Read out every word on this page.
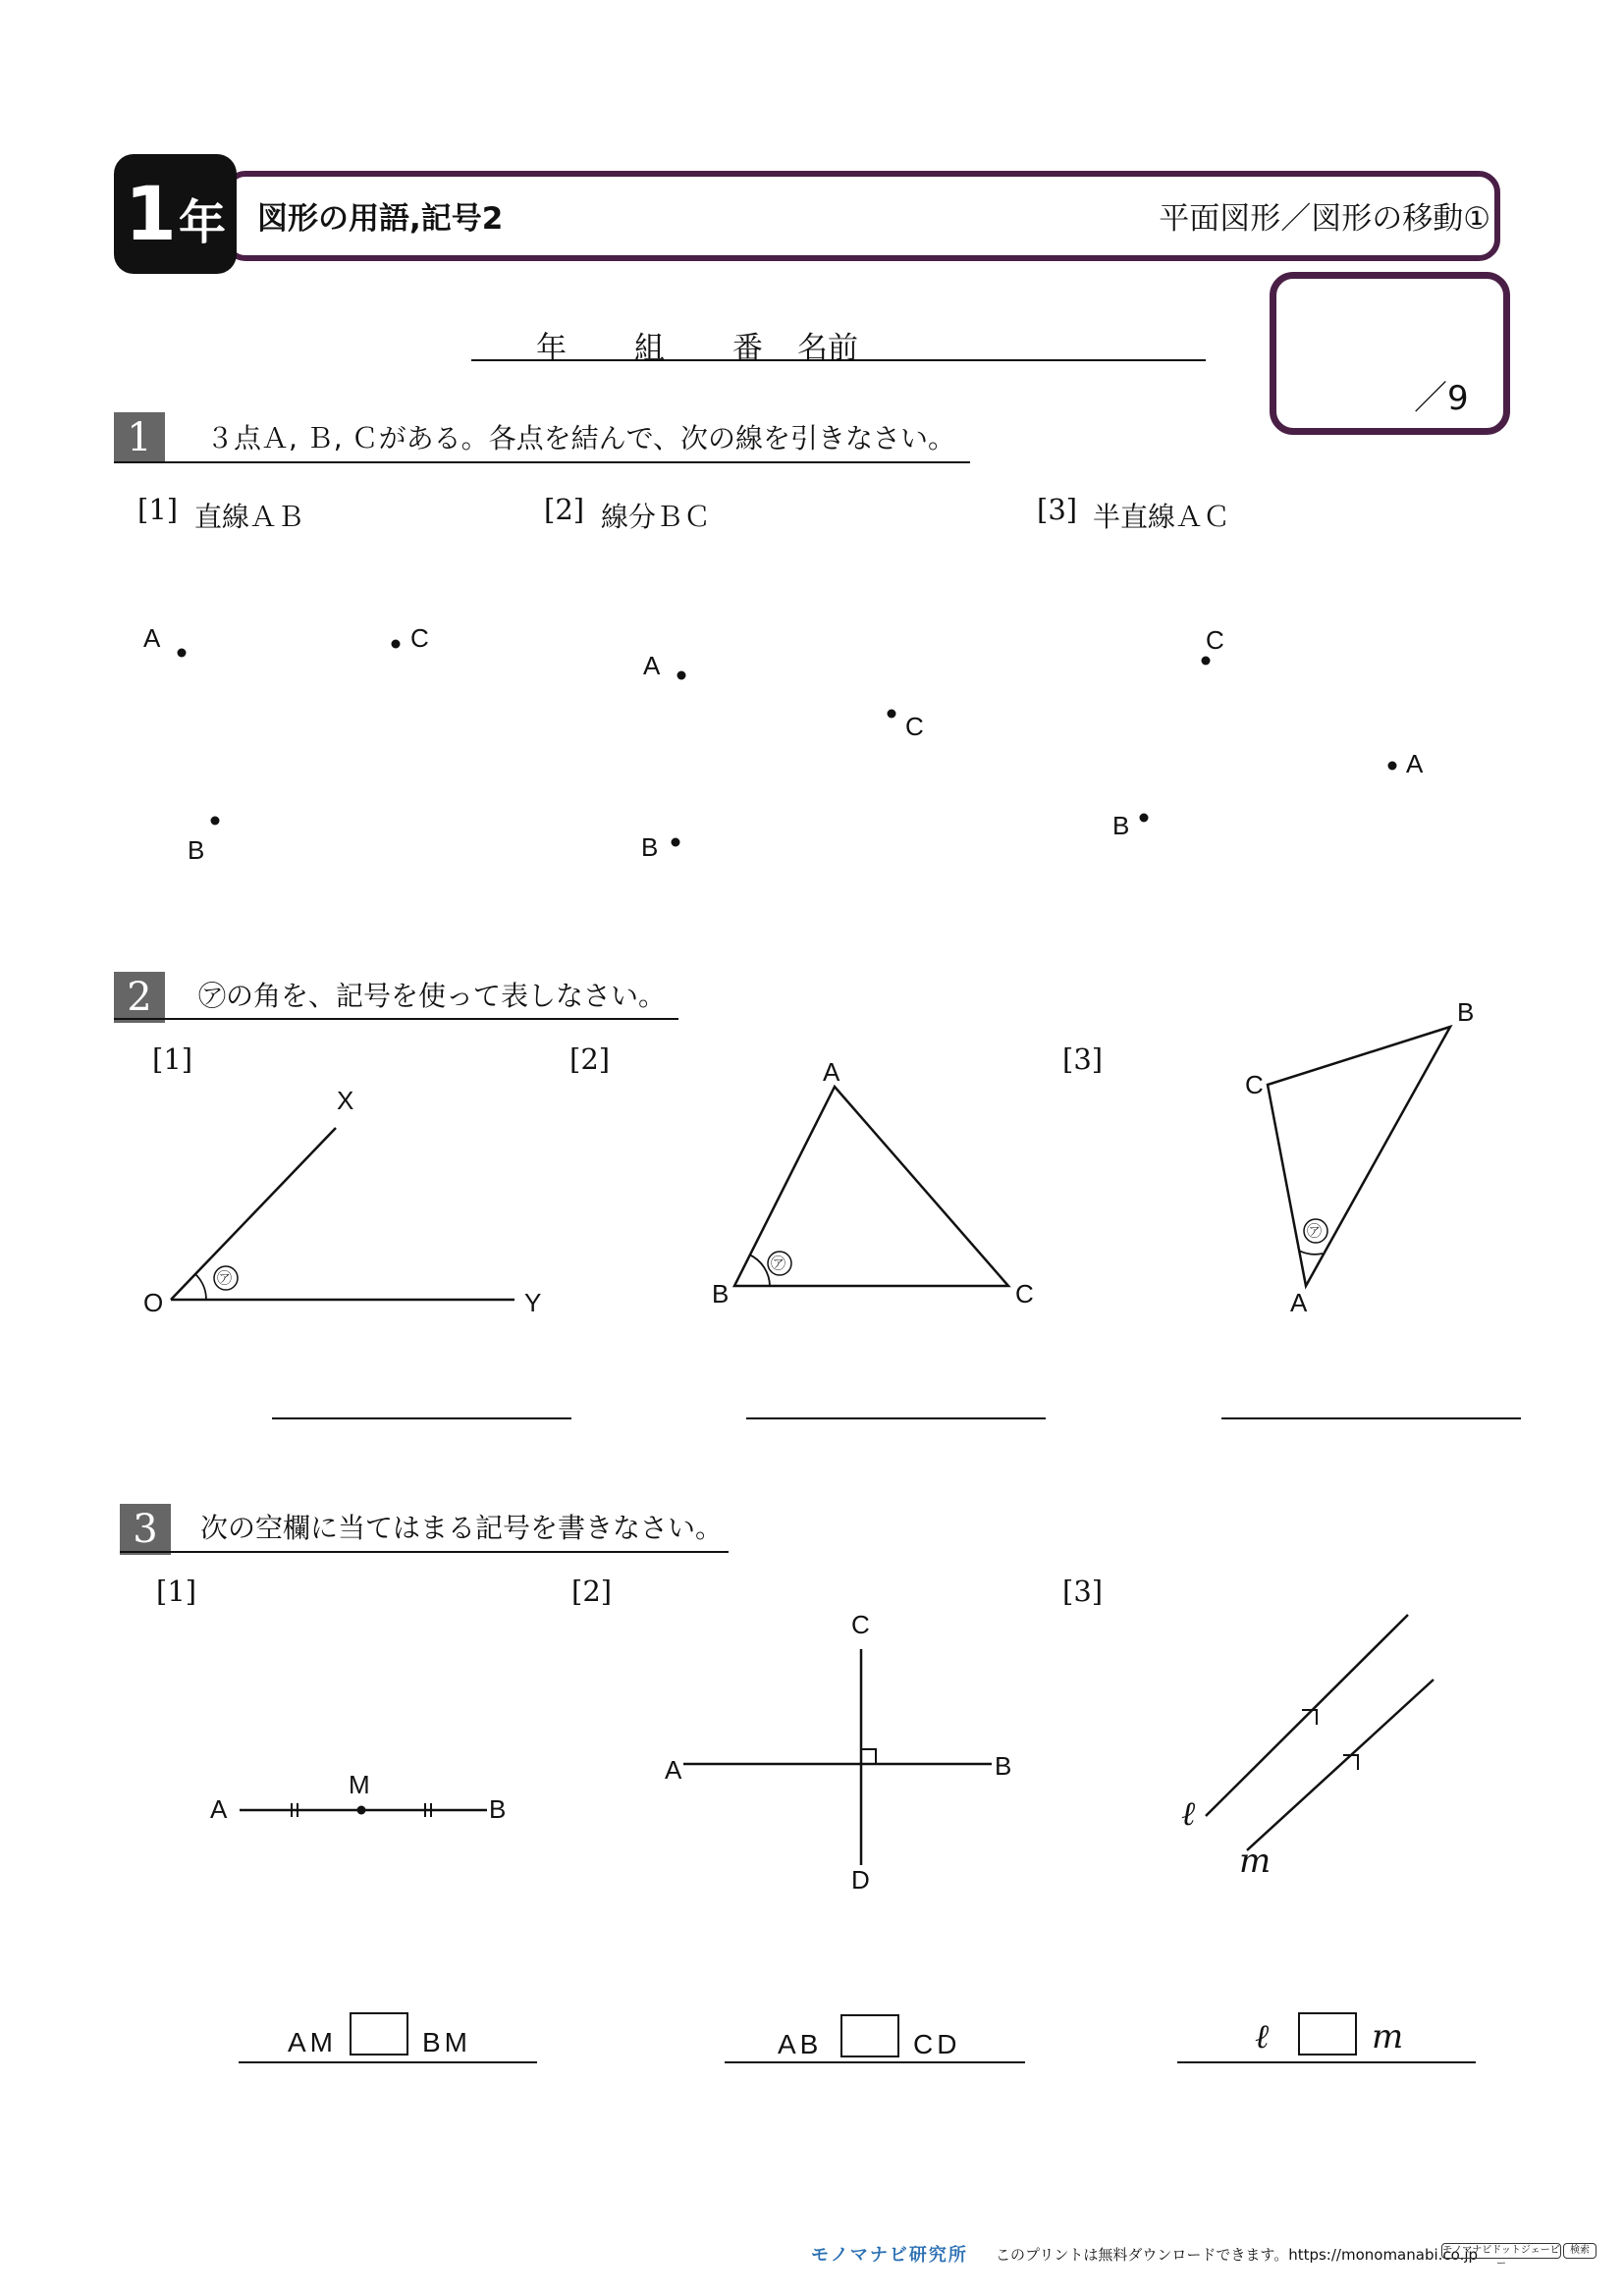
1 年 図形の用語,記号2	平面図形／図形の移動①
／9
年 組 番 名前
1	３点Ａ, Ｂ, Ｃがある。各点を結んで、次の線を引きなさい。
[1] 直線ＡＢ	[2] 線分ＢＣ	[3] 半直線ＡＣ
A	C
B
A
C
B
C
A
B
2	㋐の角を、記号を使って表しなさい。
[1]	[2]	[3]
X
O	Y
㋐
A
B	C
㋐
B
C
A
㋐
3	次の空欄に当てはまる記号を書きなさい。
[1]	[2]	[3]
A
M
B
C
A	B
D
ℓ
m
AM	BM	AB	CD	ℓ	m
モノマナビ研究所 このプリントは無料ダウンロードできます。https://monomanabi.co.jp
モノマナビドットジェーピー
検索
